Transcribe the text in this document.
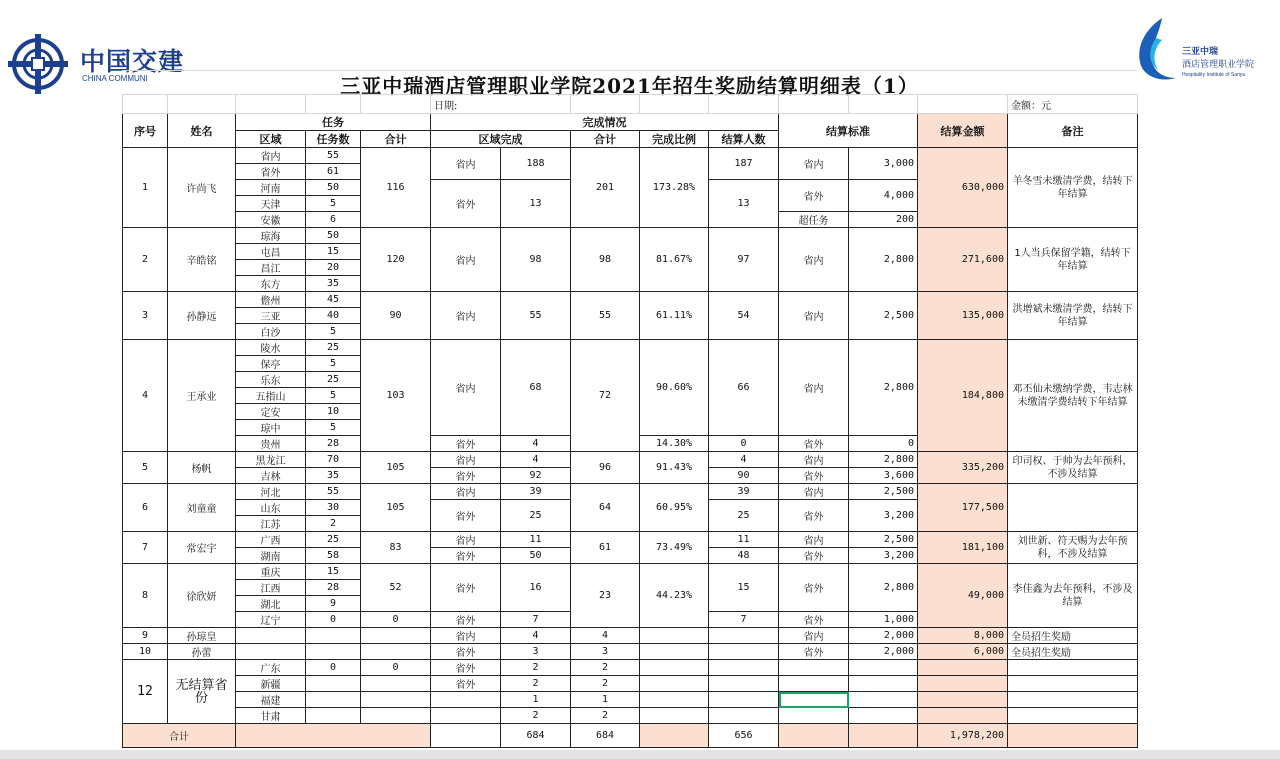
中国交建
CHINA COMMUNI
三亚中瑞
酒店管理职业学院
Hospitality Institute of Sanya
三亚中瑞酒店管理职业学院2021年招生奖励结算明细表（1）
					日期:								金额：元
序号	姓名	任务			完成情况					结算标准		结算金额	备注
		区域	任务数	合计	区域完成		合计	完成比例	结算人数				
1	许尚飞	省内	55	116	省内	188	201	173.28%	187	省内	3,000	630,000	羊冬雪未缴清学费，结转下年结算
		省外	61										
		河南	50		省外	13			13	省外	4,000		
		天津	5										
		安徽	6							超任务	200		
2	辛皓铭	琼海	50	120	省内	98	98	81.67%	97	省内	2,800	271,600	1人当兵保留学籍，结转下年结算
		屯昌	15										
		昌江	20										
		东方	35										
3	孙静远	儋州	45	90	省内	55	55	61.11%	54	省内	2,500	135,000	洪增斌未缴清学费，结转下年结算
		三亚	40										
		白沙	5										
4	王承业	陵水	25	103	省内	68	72	90.60%	66	省内	2,800	184,800	邓丕仙未缴纳学费，韦志林未缴清学费结转下年结算
		保亭	5										
		乐东	25										
		五指山	5										
		定安	10										
		琼中	5										
		贵州	28		省外	4		14.30%	0	省外	0		
5	杨帆	黑龙江	70	105	省内	4	96	91.43%	4	省内	2,800	335,200	印司权、于帅为去年预科，不涉及结算
		吉林	35		省外	92			90	省外	3,600		
6	刘童童	河北	55	105	省内	39	64	60.95%	39	省内	2,500	177,500	
		山东	30		省外	25			25	省外	3,200		
		江苏	2										
7	常宏宇	广西	25	83	省内	11	61	73.49%	11	省内	2,500	181,100	刘世新、符天赐为去年预科，不涉及结算
		湖南	58		省外	50			48	省外	3,200		
8	徐欣妍	重庆	15	52	省外	16	23	44.23%	15	省外	2,800	49,000	李佳鑫为去年预科，不涉及结算
		江西	28										
		湖北	9										
		辽宁	0	0	省外	7			7	省外	1,000		
9	孙琼皇				省内	4	4			省内	2,000	8,000	全员招生奖励
10	孙蕾				省外	3	3			省外	2,000	6,000	全员招生奖励
12	无结算省份	广东	0	0	省外	2	2						
		新疆			省外	2	2						
		福建				1	1						
		甘肃				2	2						
合计						684	684		656			1,978,200	
